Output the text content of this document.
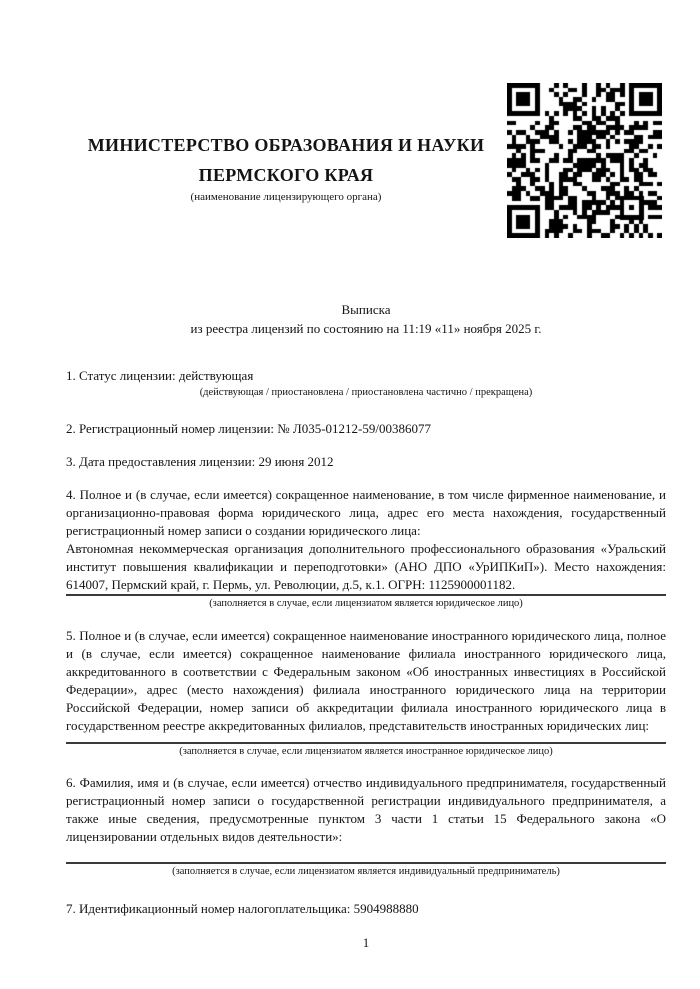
МИНИСТЕРСТВО ОБРАЗОВАНИЯ И НАУКИ

ПЕРМСКОГО КРАЯ

(наименование лицензирующего органа)

Выписка

из реестра лицензий по состоянию на 11:19 «11» ноября 2025 г.

1. Статус лицензии: действующая

(действующая / приостановлена / приостановлена частично / прекращена)

2. Регистрационный номер лицензии: № Л035-01212-59/00386077

3. Дата предоставления лицензии: 29 июня 2012

4. Полное и (в случае, если имеется) сокращенное наименование, в том числе фирменное наименование, и организационно-правовая форма юридического лица, адрес его места нахождения, государственный регистрационный номер записи о создании юридического лица:

Автономная некоммерческая организация дополнительного профессионального образования «Уральский институт повышения квалификации и переподготовки» (АНО ДПО «УрИПКиП»). Место нахождения: 614007, Пермский край, г. Пермь, ул. Революции, д.5, к.1. ОГРН: 1125900001182.

(заполняется в случае, если лицензиатом является юридическое лицо)

5. Полное и (в случае, если имеется) сокращенное наименование иностранного юридического лица, полное и (в случае, если имеется) сокращенное наименование филиала иностранного юридического лица, аккредитованного в соответствии с Федеральным законом «Об иностранных инвестициях в Российской Федерации», адрес (место нахождения) филиала иностранного юридического лица на территории Российской Федерации, номер записи об аккредитации филиала иностранного юридического лица в государственном реестре аккредитованных филиалов, представительств иностранных юридических лиц:

(заполняется в случае, если лицензиатом является иностранное юридическое лицо)

6. Фамилия, имя и (в случае, если имеется) отчество индивидуального предпринимателя, государственный регистрационный номер записи о государственной регистрации индивидуального предпринимателя, а также иные сведения, предусмотренные пунктом 3 части 1 статьи 15 Федерального закона «О лицензировании отдельных видов деятельности»:

(заполняется в случае, если лицензиатом является индивидуальный предприниматель)

7. Идентификационный номер налогоплательщика: 5904988880

1
